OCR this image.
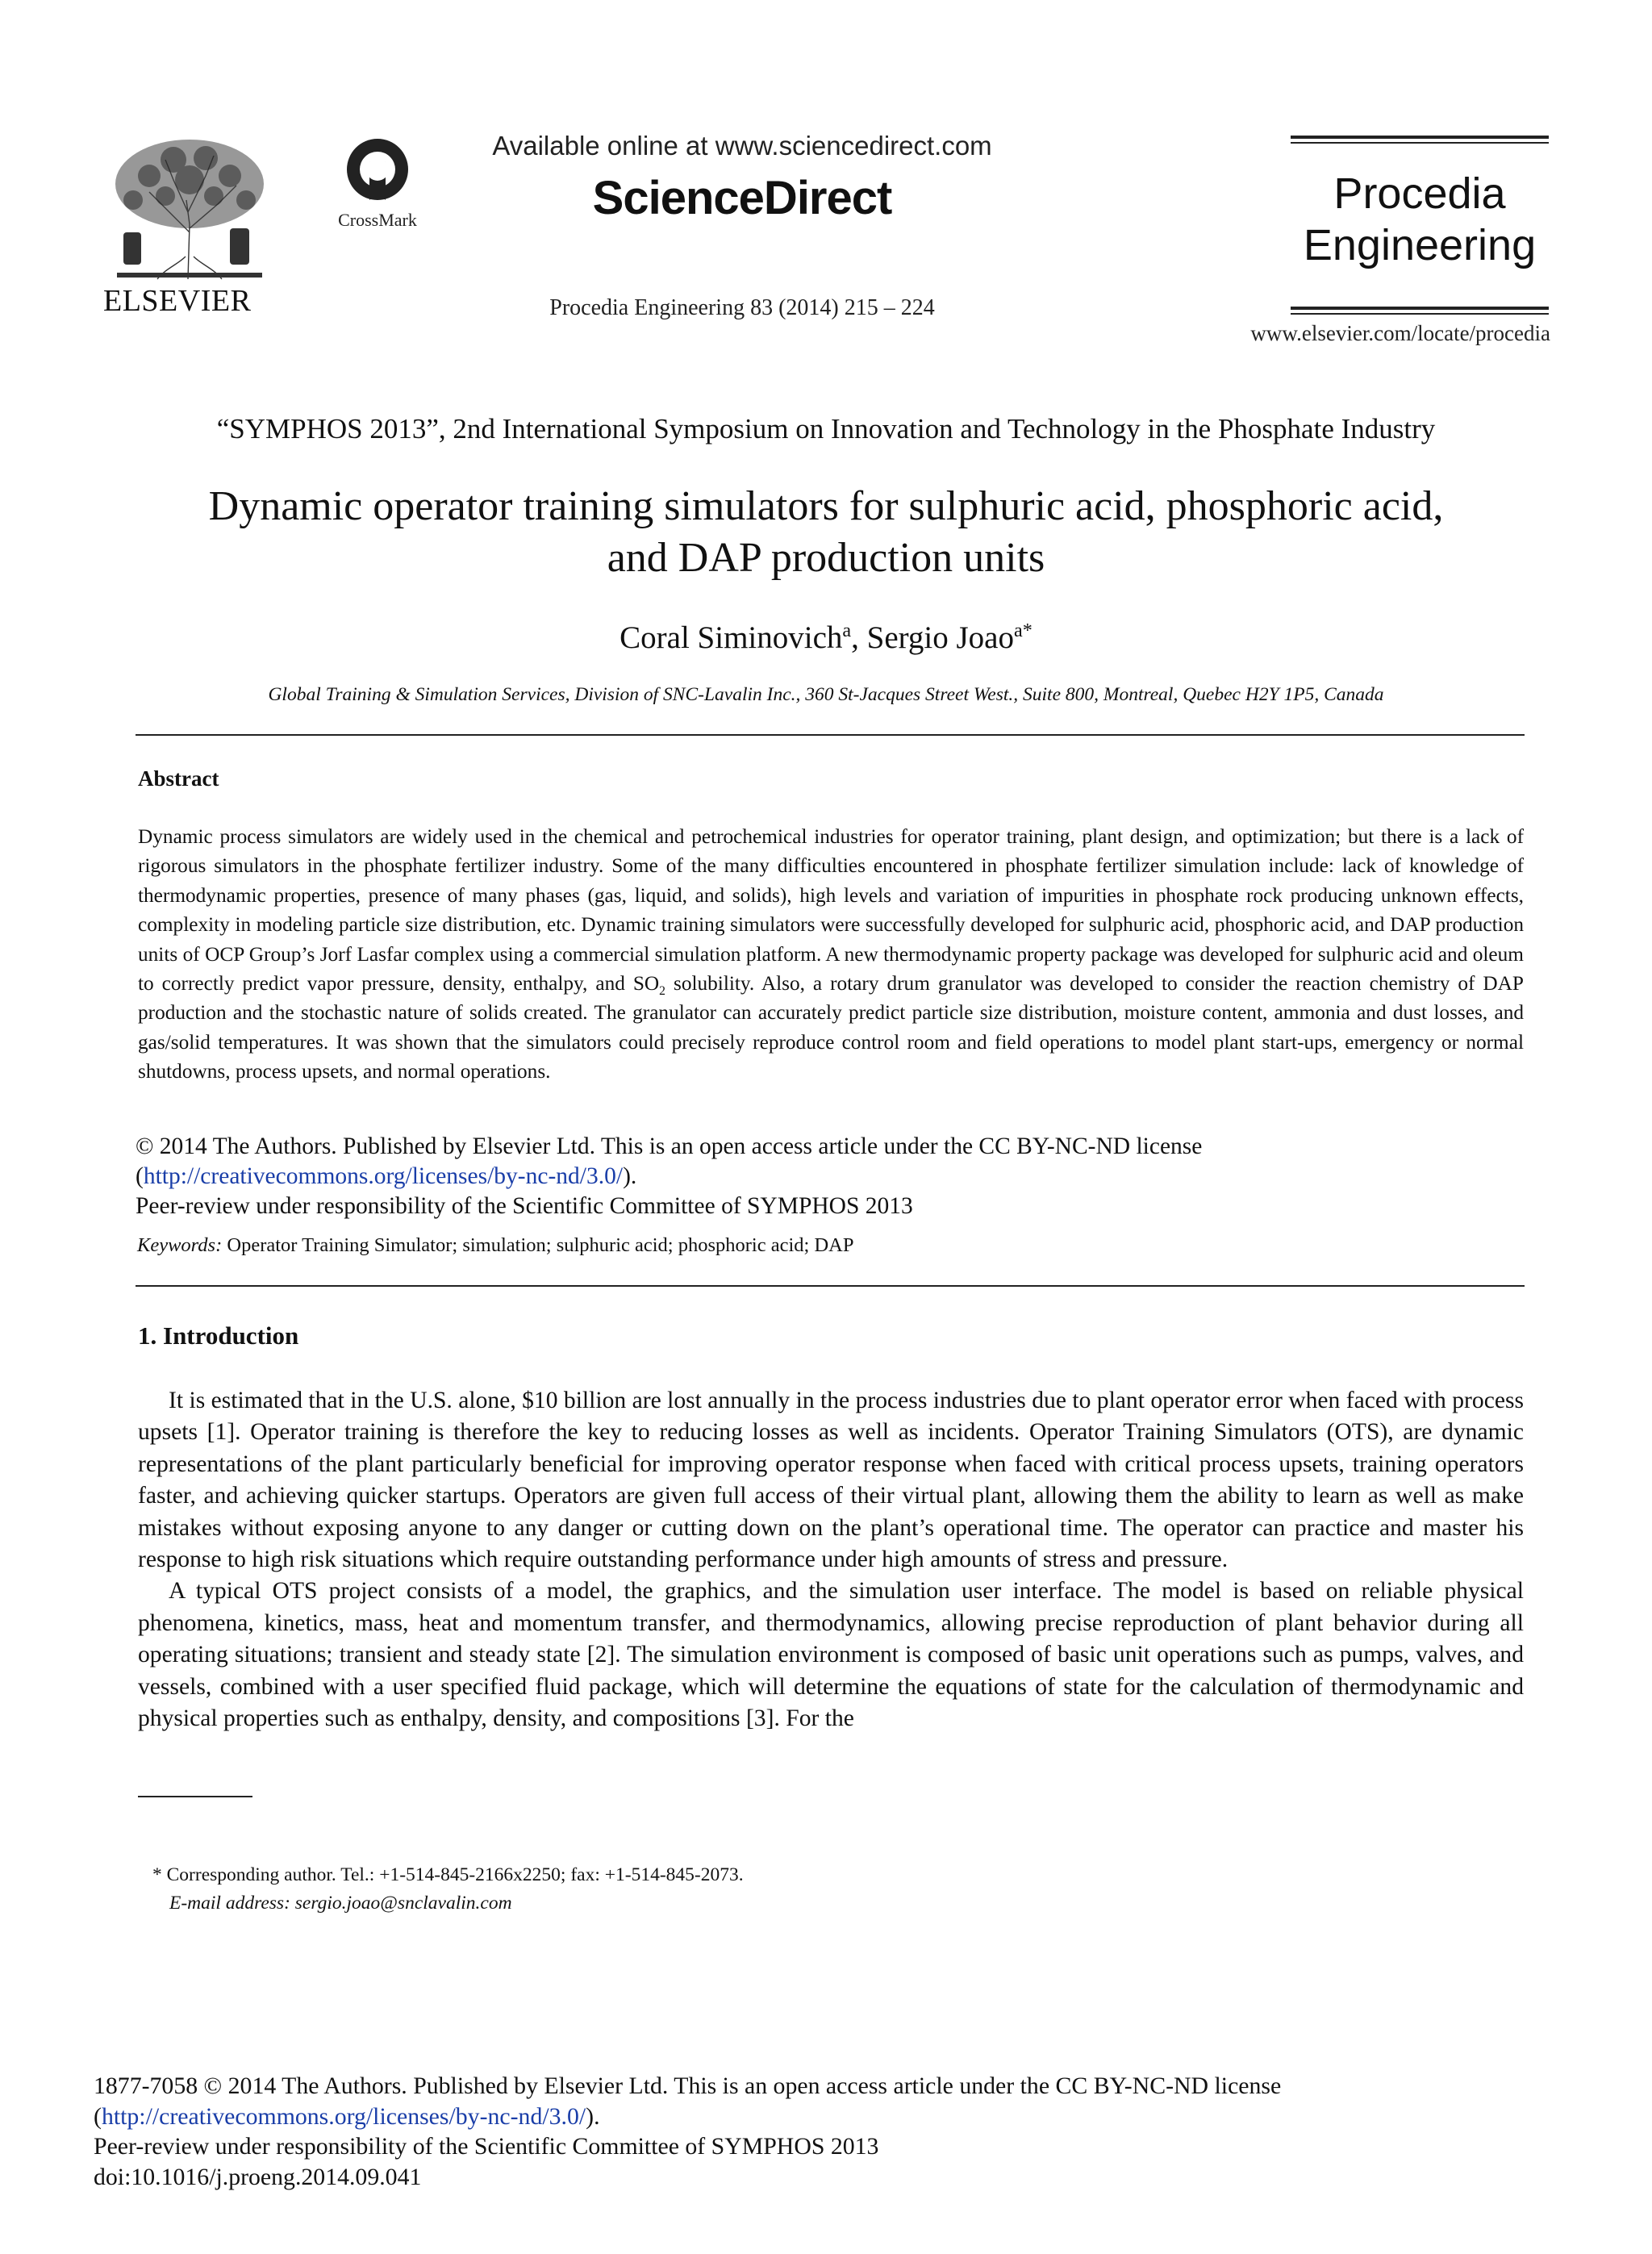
ELSEVIER
CrossMark
Available online at www.sciencedirect.com
ScienceDirect
Procedia Engineering 83 (2014) 215 – 224
Procedia
Engineering
www.elsevier.com/locate/procedia
“SYMPHOS 2013”, 2nd International Symposium on Innovation and Technology in the Phosphate Industry
Dynamic operator training simulators for sulphuric acid, phosphoric acid,
and DAP production units
Coral Siminovich$^a$, Sergio Joao$^{a*}$
Global Training & Simulation Services, Division of SNC-Lavalin Inc., 360 St-Jacques Street West., Suite 800, Montreal, Quebec H2Y 1P5, Canada
Abstract

Dynamic process simulators are widely used in the chemical and petrochemical industries for operator training, plant design, and optimization; but there is a lack of rigorous simulators in the phosphate fertilizer industry. Some of the many difficulties encountered in phosphate fertilizer simulation include: lack of knowledge of thermodynamic properties, presence of many phases (gas, liquid, and solids), high levels and variation of impurities in phosphate rock producing unknown effects, complexity in modeling particle size distribution, etc. Dynamic training simulators were successfully developed for sulphuric acid, phosphoric acid, and DAP production units of OCP Group’s Jorf Lasfar complex using a commercial simulation platform. A new thermodynamic property package was developed for sulphuric acid and oleum to correctly predict vapor pressure, density, enthalpy, and $SO_2$ solubility. Also, a rotary drum granulator was developed to consider the reaction chemistry of DAP production and the stochastic nature of solids created. The granulator can accurately predict particle size distribution, moisture content, ammonia and dust losses, and gas/solid temperatures. It was shown that the simulators could precisely reproduce control room and field operations to model plant start-ups, emergency or normal shutdowns, process upsets, and normal operations.

© 2014 The Authors. Published by Elsevier Ltd. This is an open access article under the CC BY-NC-ND license
(http://creativecommons.org/licenses/by-nc-nd/3.0/).
Peer-review under responsibility of the Scientific Committee of SYMPHOS 2013
Keywords: Operator Training Simulator; simulation; sulphuric acid; phosphoric acid; DAP
1. Introduction

It is estimated that in the U.S. alone, $10 billion are lost annually in the process industries due to plant operator error when faced with process upsets [1]. Operator training is therefore the key to reducing losses as well as incidents. Operator Training Simulators (OTS), are dynamic representations of the plant particularly beneficial for improving operator response when faced with critical process upsets, training operators faster, and achieving quicker startups. Operators are given full access of their virtual plant, allowing them the ability to learn as well as make mistakes without exposing anyone to any danger or cutting down on the plant’s operational time. The operator can practice and master his response to high risk situations which require outstanding performance under high amounts of stress and pressure.

A typical OTS project consists of a model, the graphics, and the simulation user interface. The model is based on reliable physical phenomena, kinetics, mass, heat and momentum transfer, and thermodynamics, allowing precise reproduction of plant behavior during all operating situations; transient and steady state [2]. The simulation environment is composed of basic unit operations such as pumps, valves, and vessels, combined with a user specified fluid package, which will determine the equations of state for the calculation of thermodynamic and physical properties such as enthalpy, density, and compositions [3]. For the

* Corresponding author. Tel.: +1-514-845-2166x2250; fax: +1-514-845-2073.
E-mail address: sergio.joao@snclavalin.com
1877-7058 © 2014 The Authors. Published by Elsevier Ltd. This is an open access article under the CC BY-NC-ND license
(http://creativecommons.org/licenses/by-nc-nd/3.0/).
Peer-review under responsibility of the Scientific Committee of SYMPHOS 2013
doi:10.1016/j.proeng.2014.09.041
